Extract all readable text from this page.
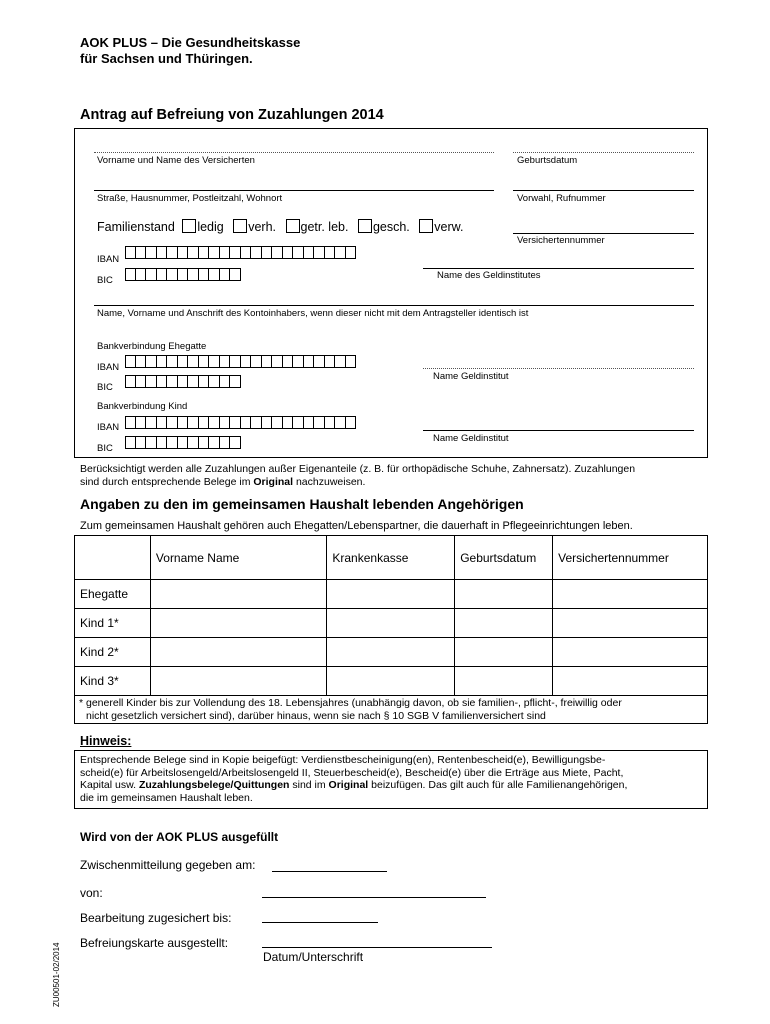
AOK PLUS – Die Gesundheitskasse
für Sachsen und Thüringen.
Antrag auf Befreiung von Zuzahlungen 2014
Vorname und Name des Versicherten	Geburtsdatum
Straße, Hausnummer, Postleitzahl, Wohnort	Vorwahl, Rufnummer
Familienstand ledig verh. getr. leb. gesch. verw.
Versichertennummer
IBAN
BIC	Name des Geldinstitutes
Name, Vorname und Anschrift des Kontoinhabers, wenn dieser nicht mit dem Antragsteller identisch ist
Bankverbindung Ehegatte
IBAN
BIC
Name Geldinstitut
Bankverbindung Kind
IBAN
BIC
Name Geldinstitut
Berücksichtigt werden alle Zuzahlungen außer Eigenanteile (z. B. für orthopädische Schuhe, Zahnersatz). Zuzahlungen
sind durch entsprechende Belege im Original nachzuweisen.
Angaben zu den im gemeinsamen Haushalt lebenden Angehörigen
Zum gemeinsamen Haushalt gehören auch Ehegatten/Lebenspartner, die dauerhaft in Pflegeeinrichtungen leben.
	Vorname Name	Krankenkasse	Geburtsdatum	Versichertennummer
Ehegatte				
Kind 1*				
Kind 2*				
Kind 3*				

* generell Kinder bis zur Vollendung des 18. Lebensjahres (unabhängig davon, ob sie familien-, pflicht-, freiwillig oder
nicht gesetzlich versichert sind), darüber hinaus, wenn sie nach § 10 SGB V familienversichert sind				
Hinweis:
Entsprechende Belege sind in Kopie beigefügt: Verdienstbescheinigung(en), Rentenbescheid(e), Bewilligungsbe-
scheid(e) für Arbeitslosengeld/Arbeitslosengeld II, Steuerbescheid(e), Bescheid(e) über die Erträge aus Miete, Pacht,
Kapital usw. Zuzahlungsbelege/Quittungen sind im Original beizufügen. Das gilt auch für alle Familienangehörigen,
die im gemeinsamen Haushalt leben.
Wird von der AOK PLUS ausgefüllt
Zwischenmitteilung gegeben am:
von:
Bearbeitung zugesichert bis:
Befreiungskarte ausgestellt:
Datum/Unterschrift
ZU00501-02/2014
